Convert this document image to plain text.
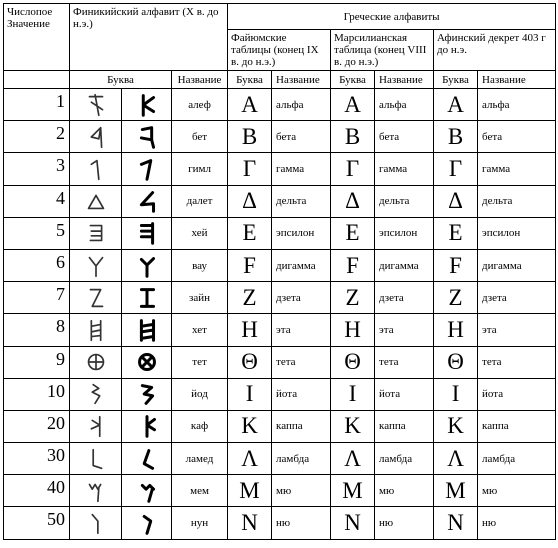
Числопое
Значение	Финикийский алфавит (Х в. до н.э.)			Греческие алфавиты					
				Файюмские таблицы (конец IX в. до н.э.)		Марсилианская таблица (конец VIII в. до н.э.)		Афинский декрет 403 г до н.э.	
	Буква		Название	Буква	Название	Буква	Название	Буква	Название
1			алеф	A	альфа	A	альфа	A	альфа
2			бет	B	бета	B	бета	B	бета
3			гимл	Γ	гамма	Γ	гамма	Γ	гамма
4			далет	Δ	дельта	Δ	дельта	Δ	дельта
5			хей	E	эпсилон	E	эпсилон	E	эпсилон
6			вау	F	дигамма	F	дигамма	F	дигамма
7			зайн	Z	дзета	Z	дзета	Z	дзета
8			хет	H	эта	H	эта	H	эта
9			тет	Θ	тета	Θ	тета	Θ	тета
10			йод	I	йота	I	йота	I	йота
20			каф	K	каппа	K	каппа	K	каппа
30			ламед	Λ	ламбда	Λ	ламбда	Λ	ламбда
40			мем	M	мю	M	мю	M	мю
50			нун	N	ню	N	ню	N	ню
